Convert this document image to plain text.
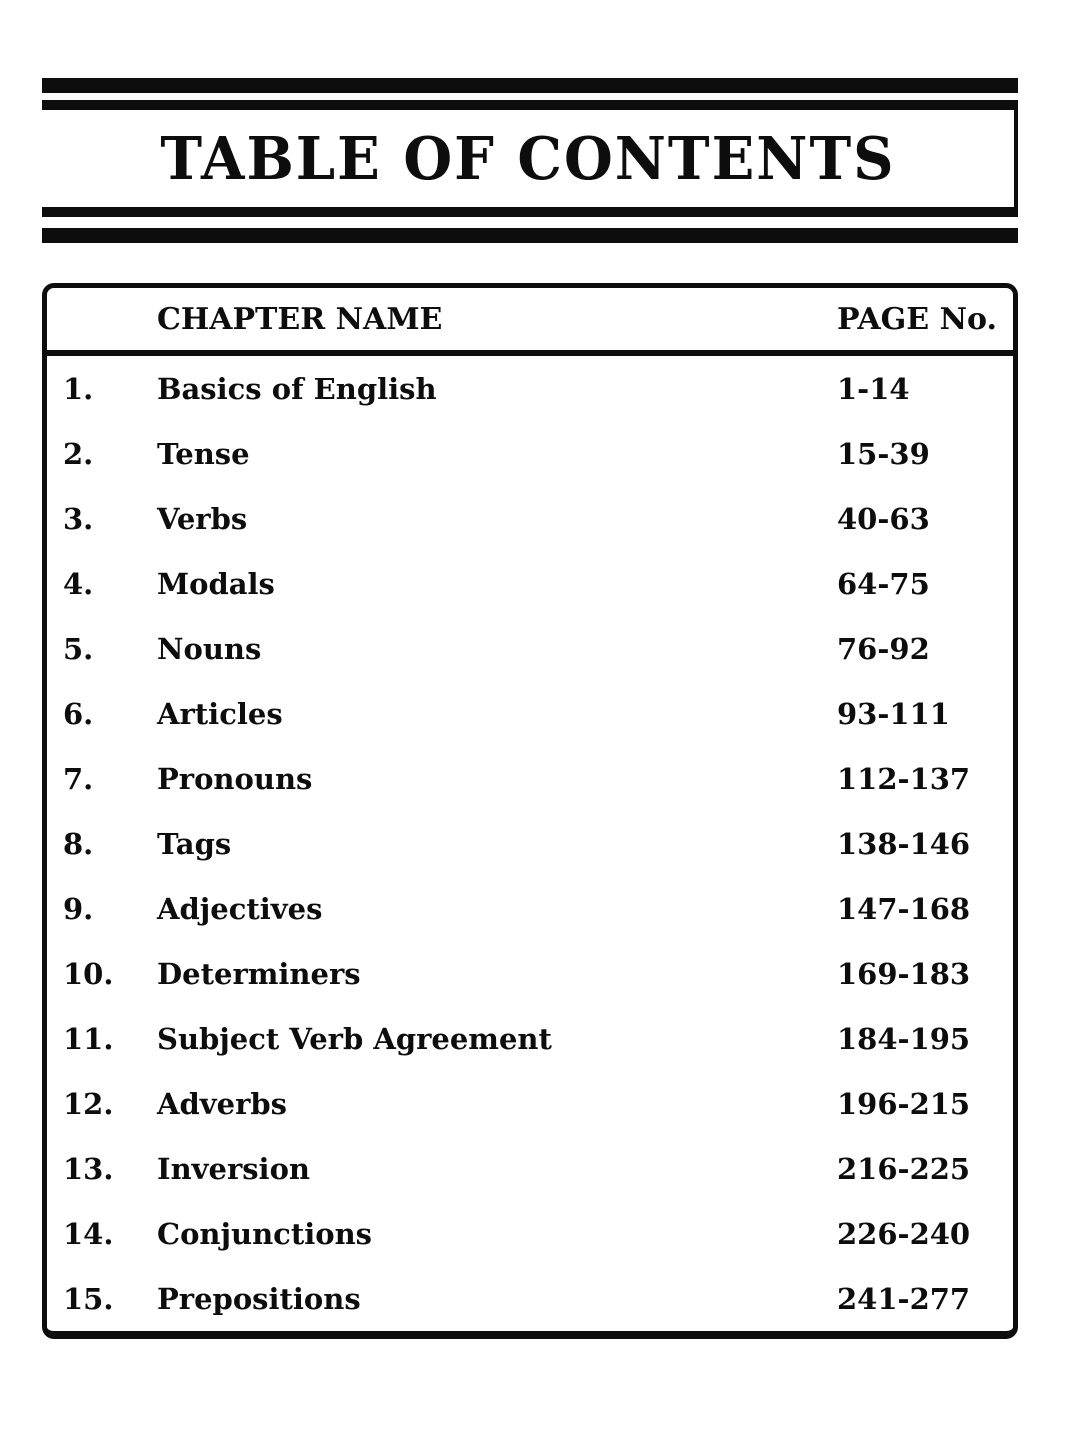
TABLE OF CONTENTS
CHAPTER NAME	PAGE No.
1.	Basics of English	1-14
2.	Tense	15-39
3.	Verbs	40-63
4.	Modals	64-75
5.	Nouns	76-92
6.	Articles	93-111
7.	Pronouns	112-137
8.	Tags	138-146
9.	Adjectives	147-168
10.	Determiners	169-183
11.	Subject Verb Agreement	184-195
12.	Adverbs	196-215
13.	Inversion	216-225
14.	Conjunctions	226-240
15.	Prepositions	241-277
